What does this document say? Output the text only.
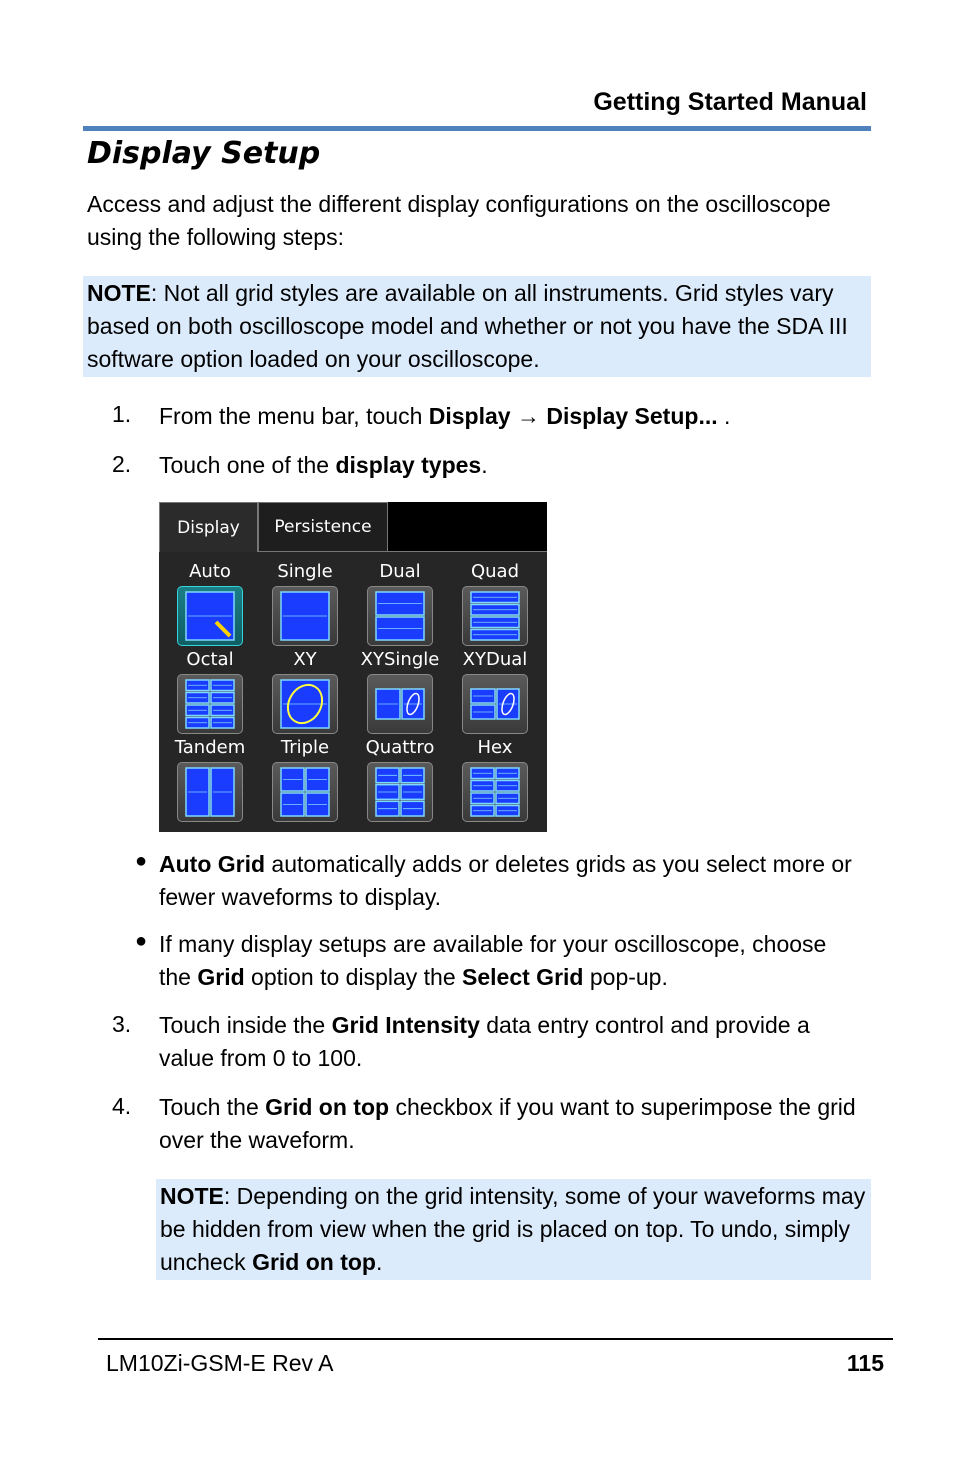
Getting Started Manual
Display Setup
Access and adjust the different display configurations on the oscilloscope using the following steps:
NOTE: Not all grid styles are available on all instruments. Grid styles vary based on both oscilloscope model and whether or not you have the SDA III software option loaded on your oscilloscope.
1. From the menu bar, touch Display → Display Setup... .
2. Touch one of the display types.
Display	Persistence
Auto	Single	Dual	Quad
Octal	XY	XYSingle	XYDual
Tandem	Triple	Quattro	Hex
● Auto Grid automatically adds or deletes grids as you select more or fewer waveforms to display.
● If many display setups are available for your oscilloscope, choose the Grid option to display the Select Grid pop-up.
3. Touch inside the Grid Intensity data entry control and provide a value from 0 to 100.
4. Touch the Grid on top checkbox if you want to superimpose the grid over the waveform.
NOTE: Depending on the grid intensity, some of your waveforms may be hidden from view when the grid is placed on top. To undo, simply uncheck Grid on top.
LM10Zi-GSM-E Rev A	115
